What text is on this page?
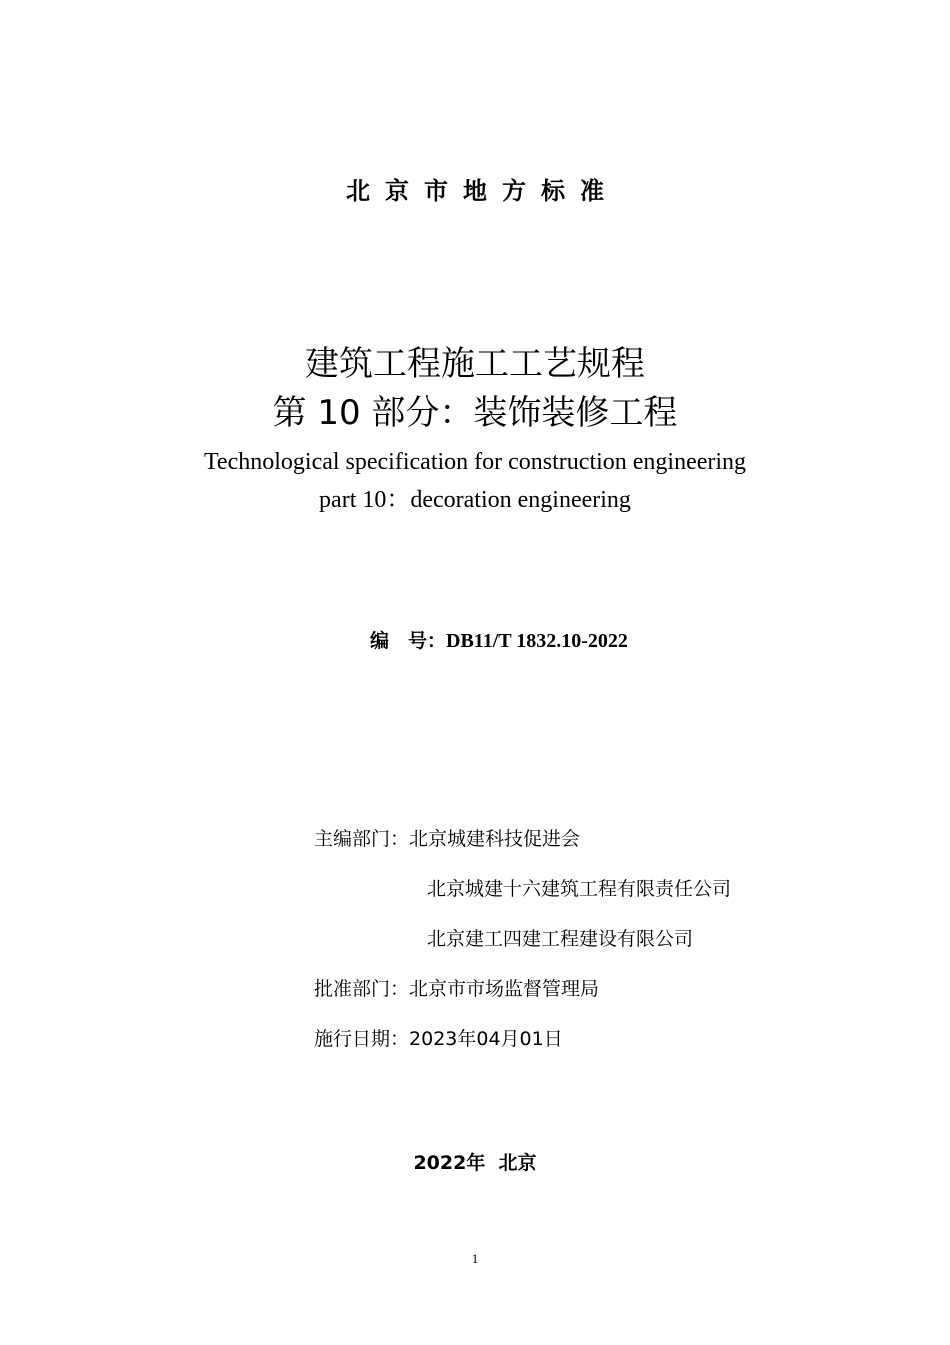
北京市地方标准
建筑工程施工工艺规程
第 10 部分：装饰装修工程
Technological specification for construction engineering
part 10：decoration engineering
编　号：DB11/T 1832.10-2022
主编部门：北京城建科技促进会
北京城建十六建筑工程有限责任公司
北京建工四建工程建设有限公司
批准部门：北京市市场监督管理局
施行日期：2023年04月01日
2022年  北京
1
